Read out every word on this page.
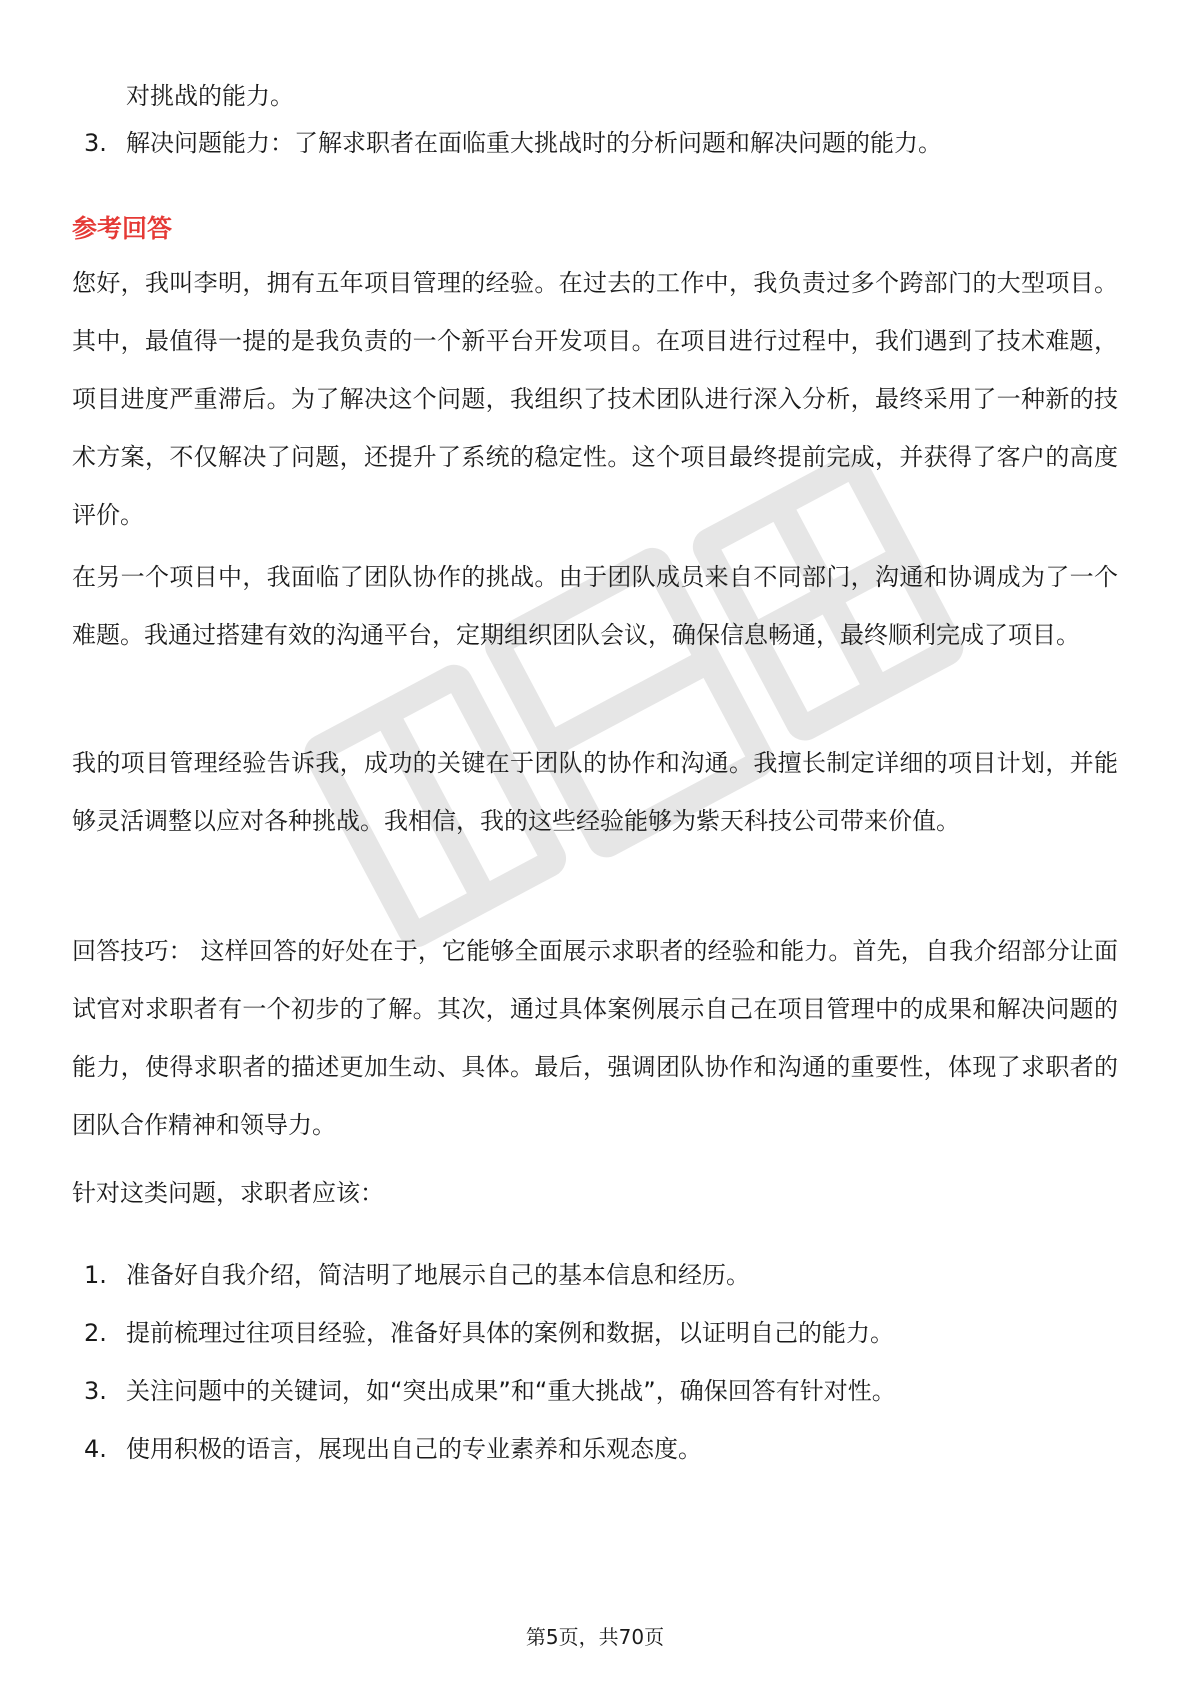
对挑战的能力。
3. 解决问题能力：了解求职者在面临重大挑战时的分析问题和解决问题的能力。
参考回答

您好，我叫李明，拥有五年项目管理的经验。在过去的工作中，我负责过多个跨部门的大型项目。其中，最值得一提的是我负责的一个新平台开发项目。在项目进行过程中，我们遇到了技术难题，项目进度严重滞后。为了解决这个问题，我组织了技术团队进行深入分析，最终采用了一种新的技术方案，不仅解决了问题，还提升了系统的稳定性。这个项目最终提前完成，并获得了客户的高度评价。

在另一个项目中，我面临了团队协作的挑战。由于团队成员来自不同部门，沟通和协调成为了一个难题。我通过搭建有效的沟通平台，定期组织团队会议，确保信息畅通，最终顺利完成了项目。

我的项目管理经验告诉我，成功的关键在于团队的协作和沟通。我擅长制定详细的项目计划，并能够灵活调整以应对各种挑战。我相信，我的这些经验能够为紫天科技公司带来价值。

回答技巧： 这样回答的好处在于，它能够全面展示求职者的经验和能力。首先，自我介绍部分让面试官对求职者有一个初步的了解。其次，通过具体案例展示自己在项目管理中的成果和解决问题的能力，使得求职者的描述更加生动、具体。最后，强调团队协作和沟通的重要性，体现了求职者的团队合作精神和领导力。

针对这类问题，求职者应该：

1. 准备好自我介绍，简洁明了地展示自己的基本信息和经历。
2. 提前梳理过往项目经验，准备好具体的案例和数据，以证明自己的能力。
3. 关注问题中的关键词，如“突出成果”和“重大挑战”，确保回答有针对性。
4. 使用积极的语言，展现出自己的专业素养和乐观态度。
第5页，共70页
